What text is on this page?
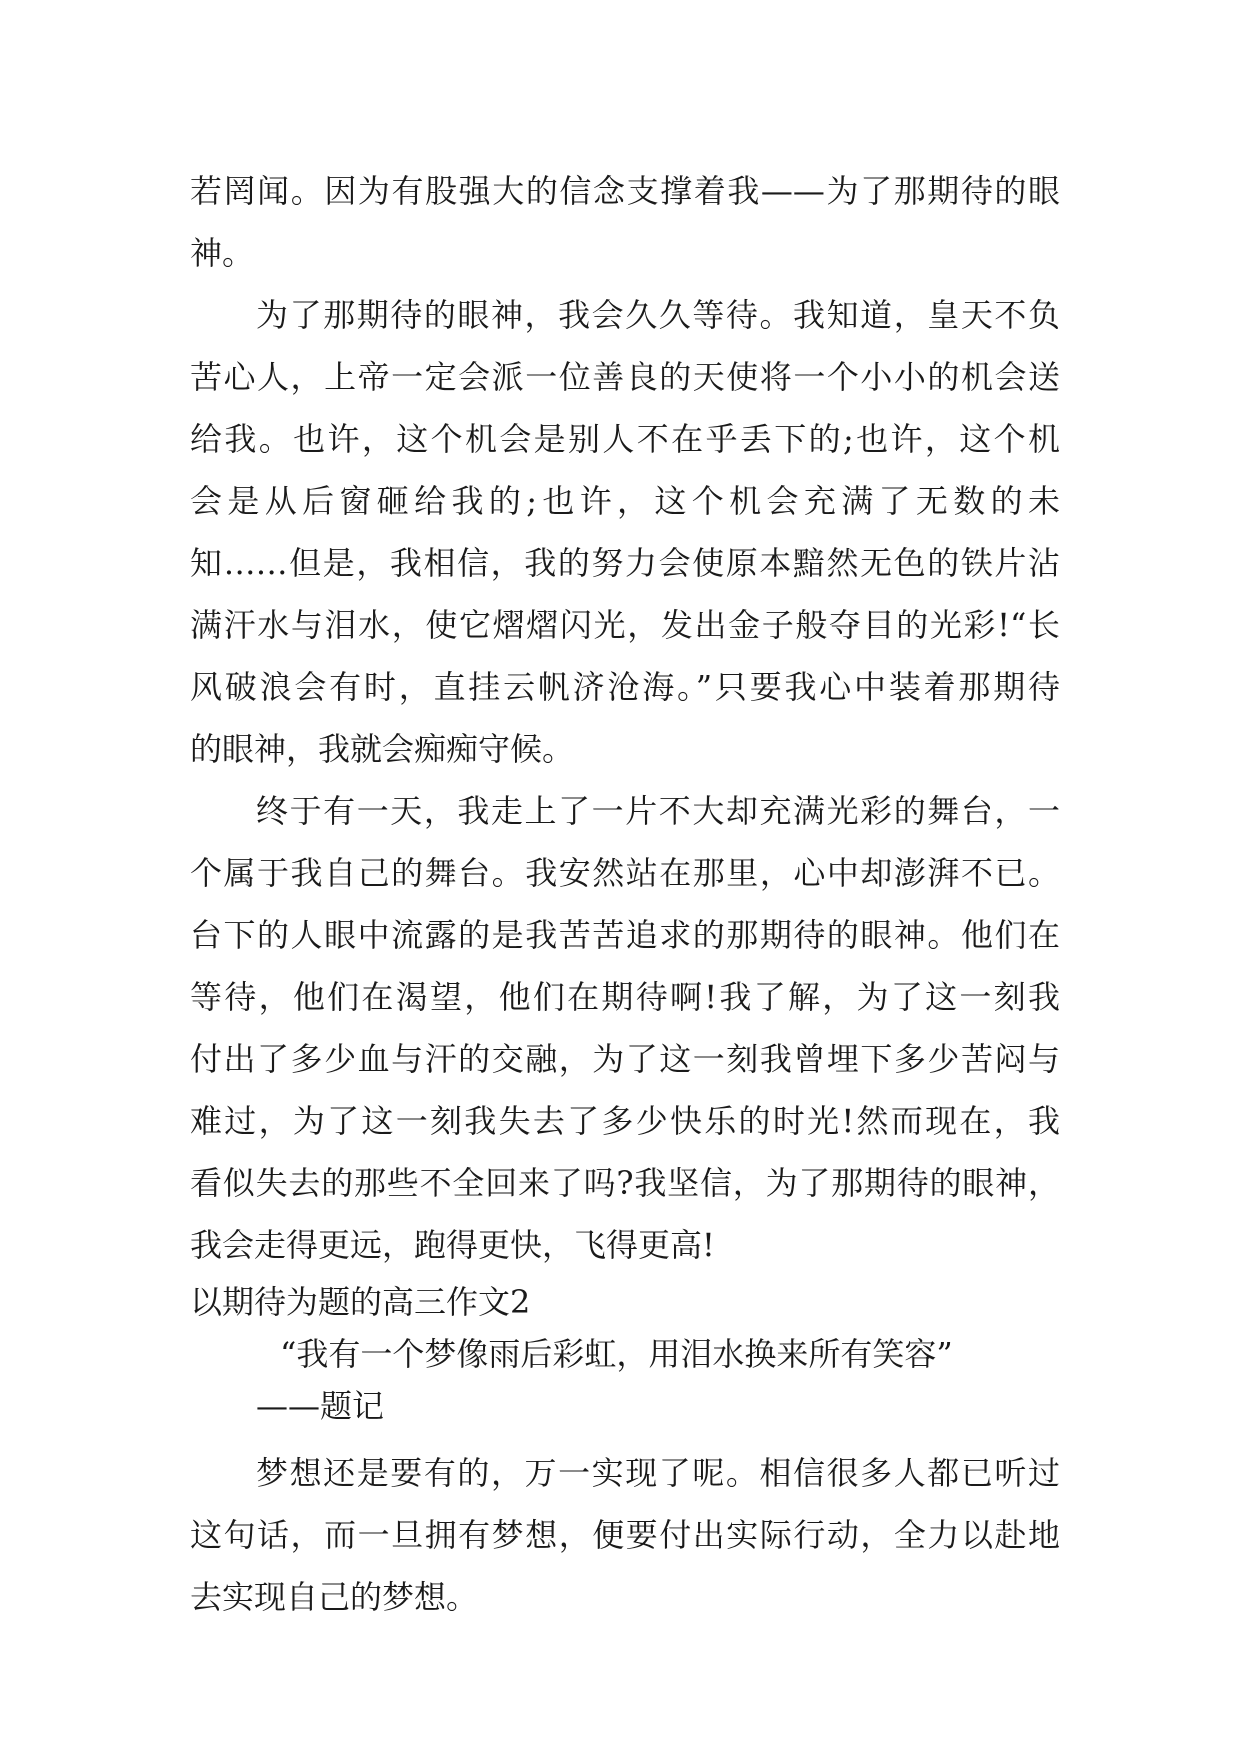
若罔闻。因为有股强大的信念支撑着我——为了那期待的眼
神。
为了那期待的眼神，我会久久等待。我知道，皇天不负
苦心人，上帝一定会派一位善良的天使将一个小小的机会送
给我。也许，这个机会是别人不在乎丢下的;也许，这个机
会是从后窗砸给我的;也许，这个机会充满了无数的未
知……但是，我相信，我的努力会使原本黯然无色的铁片沾
满汗水与泪水，使它熠熠闪光，发出金子般夺目的光彩!“长
风破浪会有时，直挂云帆济沧海。”只要我心中装着那期待
的眼神，我就会痴痴守候。
终于有一天，我走上了一片不大却充满光彩的舞台，一
个属于我自己的舞台。我安然站在那里，心中却澎湃不已。
台下的人眼中流露的是我苦苦追求的那期待的眼神。他们在
等待，他们在渴望，他们在期待啊!我了解，为了这一刻我
付出了多少血与汗的交融，为了这一刻我曾埋下多少苦闷与
难过，为了这一刻我失去了多少快乐的时光!然而现在，我
看似失去的那些不全回来了吗?我坚信，为了那期待的眼神，
我会走得更远，跑得更快，飞得更高!
以期待为题的高三作文2
“我有一个梦像雨后彩虹，用泪水换来所有笑容”
——题记
梦想还是要有的，万一实现了呢。相信很多人都已听过
这句话，而一旦拥有梦想，便要付出实际行动，全力以赴地
去实现自己的梦想。
